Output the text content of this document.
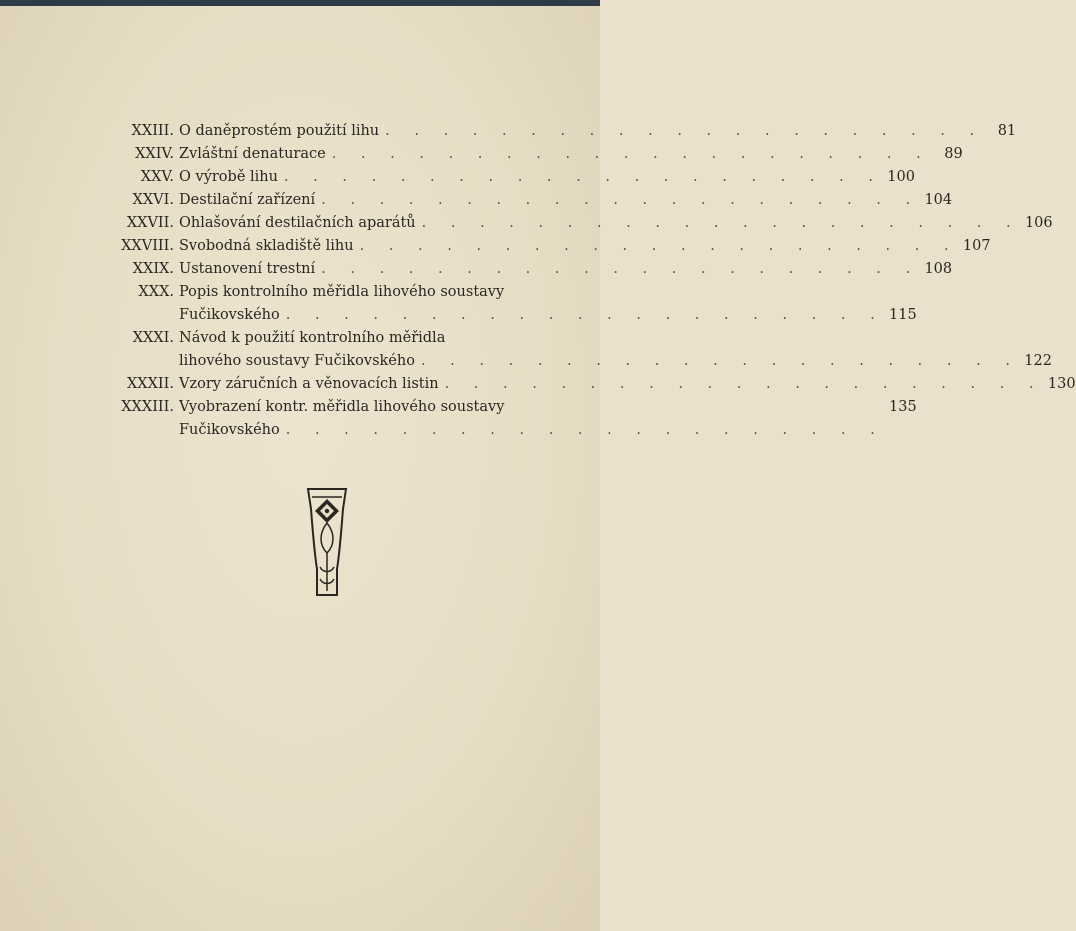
XXIII. O daněprostém použití lihu . . . . . . . . . . . . . . . . . . . . . 81
XXIV. Zvláštní denaturace . . . . . . . . . . . . . . . . . . . . . 89
XXV. O výrobě lihu . . . . . . . . . . . . . . . . . . . . . 100
XXVI. Destilační zařízení . . . . . . . . . . . . . . . . . . . . . 104
XXVII. Ohlašování destilačních aparátů . . . . . . . . . . . . . . . . . . . . . 106
XXVIII. Svobodná skladiště lihu . . . . . . . . . . . . . . . . . . . . . 107
XXIX. Ustanovení trestní . . . . . . . . . . . . . . . . . . . . . 108
XXX. Popis kontrolního měřidla lihového soustavy
Fučikovského . . . . . . . . . . . . . . . . . . . . . 115
XXXI. Návod k použití kontrolního měřidla
lihového soustavy Fučikovského . . . . . . . . . . . . . . . . . . . . . 122
XXXII. Vzory záručních a věnovacích listin . . . . . . . . . . . . . . . . . . . . . 130
XXXIII. Vyobrazení kontr. měřidla lihového soustavy	135
Fučikovského . . . . . . . . . . . . . . . . . . . . .
